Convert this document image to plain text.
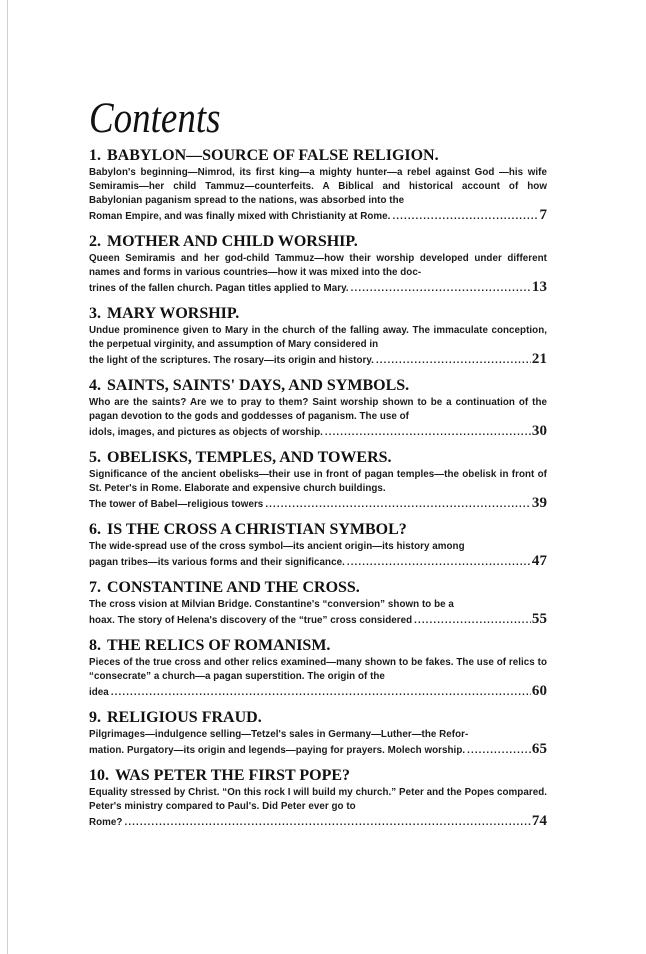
Contents
1. BABYLON—SOURCE OF FALSE RELIGION.
Babylon's beginning—Nimrod, its first king—a mighty hunter—a rebel against God —his wife Semiramis—her child Tammuz—counterfeits. A Biblical and historical account of how Babylonian paganism spread to the nations, was absorbed into the
Roman Empire, and was finally mixed with Christianity at Rome. . . .	7
2. MOTHER AND CHILD WORSHIP.
Queen Semiramis and her god-child Tammuz—how their worship developed under different names and forms in various countries—how it was mixed into the doc-
trines of the fallen church. Pagan titles applied to Mary. . . .	13
3. MARY WORSHIP.
Undue prominence given to Mary in the church of the falling away. The immaculate conception, the perpetual virginity, and assumption of Mary considered in
the light of the scriptures. The rosary—its origin and history. . . .	21
4. SAINTS, SAINTS' DAYS, AND SYMBOLS.
Who are the saints? Are we to pray to them? Saint worship shown to be a continuation of the pagan devotion to the gods and goddesses of paganism. The use of
idols, images, and pictures as objects of worship. . . .	30
5. OBELISKS, TEMPLES, AND TOWERS.
Significance of the ancient obelisks—their use in front of pagan temples—the obelisk in front of St. Peter's in Rome. Elaborate and expensive church buildings.
The tower of Babel—religious towers . . .	39
6. IS THE CROSS A CHRISTIAN SYMBOL?
The wide-spread use of the cross symbol—its ancient origin—its history among
pagan tribes—its various forms and their significance. . . .	47
7. CONSTANTINE AND THE CROSS.
The cross vision at Milvian Bridge. Constantine's “conversion” shown to be a
hoax. The story of Helena's discovery of the “true” cross considered . . .	55
8. THE RELICS OF ROMANISM.
Pieces of the true cross and other relics examined—many shown to be fakes. The use of relics to “consecrate” a church—a pagan superstition. The origin of the
idea . . .	60
9. RELIGIOUS FRAUD.
Pilgrimages—indulgence selling—Tetzel's sales in Germany—Luther—the Refor-
mation. Purgatory—its origin and legends—paying for prayers. Molech worship. . . .	65
10. WAS PETER THE FIRST POPE?
Equality stressed by Christ. “On this rock I will build my church.” Peter and the Popes compared. Peter's ministry compared to Paul's. Did Peter ever go to
Rome? . . .	74
